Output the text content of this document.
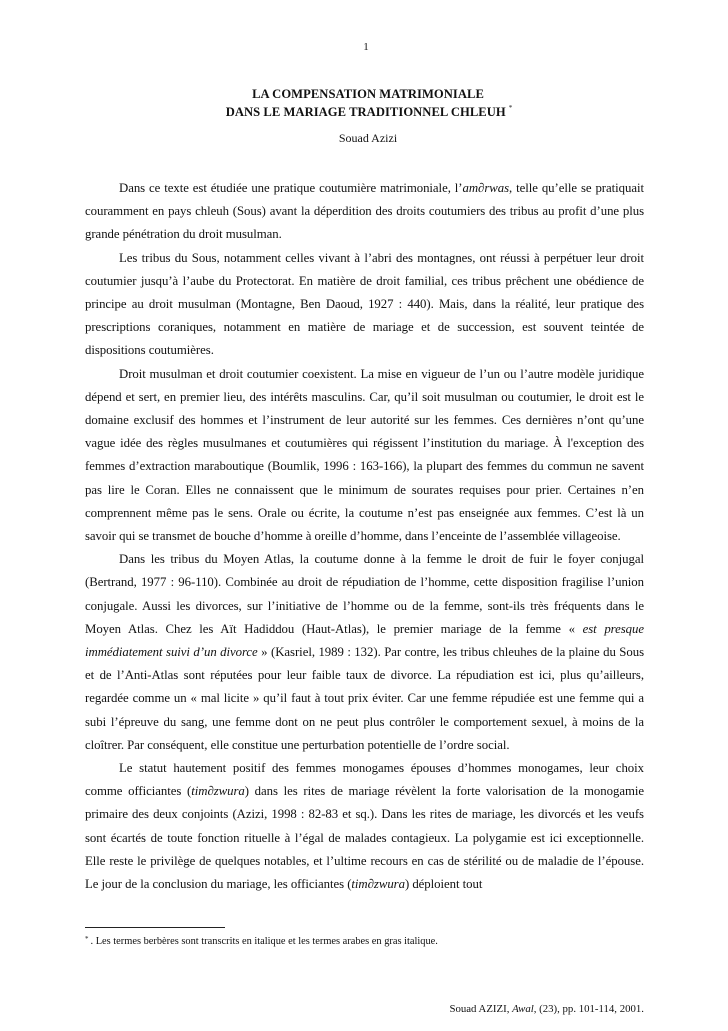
1
LA COMPENSATION MATRIMONIALE
DANS LE MARIAGE TRADITIONNEL CHLEUH *
Souad Azizi

Dans ce texte est étudiée une pratique coutumière matrimoniale, l’am∂rwas, telle qu’elle se pratiquait couramment en pays chleuh (Sous) avant la déperdition des droits coutumiers des tribus au profit d’une plus grande pénétration du droit musulman.

Les tribus du Sous, notamment celles vivant à l’abri des montagnes, ont réussi à perpétuer leur droit coutumier jusqu’à l’aube du Protectorat. En matière de droit familial, ces tribus prêchent une obédience de principe au droit musulman (Montagne, Ben Daoud, 1927 : 440). Mais, dans la réalité, leur pratique des prescriptions coraniques, notamment en matière de mariage et de succession, est souvent teintée de dispositions coutumières.

Droit musulman et droit coutumier coexistent. La mise en vigueur de l’un ou l’autre modèle juridique dépend et sert, en premier lieu, des intérêts masculins. Car, qu’il soit musulman ou coutumier, le droit est le domaine exclusif des hommes et l’instrument de leur autorité sur les femmes. Ces dernières n’ont qu’une vague idée des règles musulmanes et coutumières qui régissent l’institution du mariage. À l'exception des femmes d’extraction maraboutique (Boumlik, 1996 : 163-166), la plupart des femmes du commun ne savent pas lire le Coran. Elles ne connaissent que le minimum de sourates requises pour prier. Certaines n’en comprennent même pas le sens. Orale ou écrite, la coutume n’est pas enseignée aux femmes. C’est là un savoir qui se transmet de bouche d’homme à oreille d’homme, dans l’enceinte de l’assemblée villageoise.

Dans les tribus du Moyen Atlas, la coutume donne à la femme le droit de fuir le foyer conjugal (Bertrand, 1977 : 96-110). Combinée au droit de répudiation de l’homme, cette disposition fragilise l’union conjugale. Aussi les divorces, sur l’initiative de l’homme ou de la femme, sont-ils très fréquents dans le Moyen Atlas. Chez les Aït Hadiddou (Haut-Atlas), le premier mariage de la femme « est presque immédiatement suivi d’un divorce » (Kasriel, 1989 : 132). Par contre, les tribus chleuhes de la plaine du Sous et de l’Anti-Atlas sont réputées pour leur faible taux de divorce. La répudiation est ici, plus qu’ailleurs, regardée comme un « mal licite » qu’il faut à tout prix éviter. Car une femme répudiée est une femme qui a subi l’épreuve du sang, une femme dont on ne peut plus contrôler le comportement sexuel, à moins de la cloîtrer. Par conséquent, elle constitue une perturbation potentielle de l’ordre social.

Le statut hautement positif des femmes monogames épouses d’hommes monogames, leur choix comme officiantes (tim∂zwura) dans les rites de mariage révèlent la forte valorisation de la monogamie primaire des deux conjoints (Azizi, 1998 : 82-83 et sq.). Dans les rites de mariage, les divorcés et les veufs sont écartés de toute fonction rituelle à l’égal de malades contagieux. La polygamie est ici exceptionnelle. Elle reste le privilège de quelques notables, et l’ultime recours en cas de stérilité ou de maladie de l’épouse. Le jour de la conclusion du mariage, les officiantes (tim∂zwura) déploient tout

* . Les termes berbères sont transcrits en italique et les termes arabes en gras italique.
Souad AZIZI, Awal, (23), pp. 101-114, 2001.
